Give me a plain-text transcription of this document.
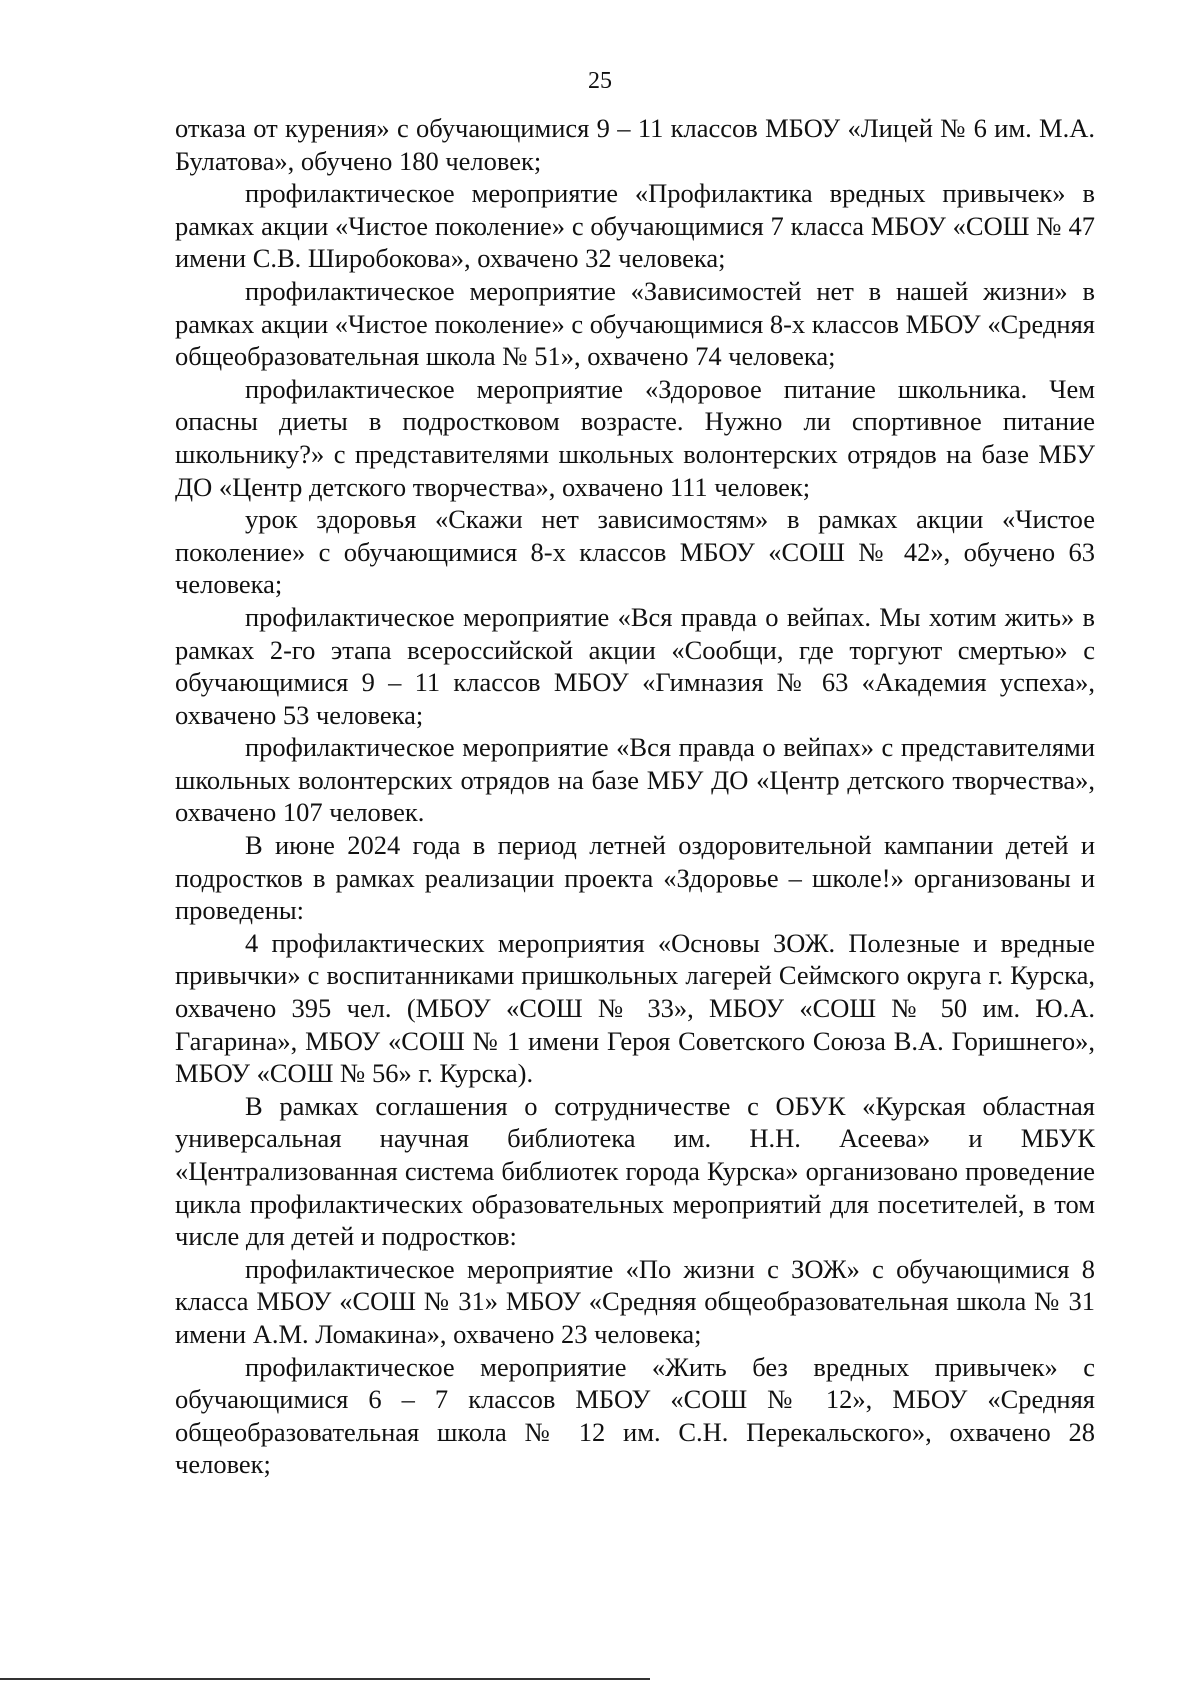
25

отказа от курения» с обучающимися 9 – 11 классов МБОУ «Лицей № 6 им. М.А. Булатова», обучено 180 человек;

профилактическое мероприятие «Профилактика вредных привычек» в рамках акции «Чистое поколение» с обучающимися 7 класса МБОУ «СОШ № 47 имени С.В. Широбокова», охвачено 32 человека;

профилактическое мероприятие «Зависимостей нет в нашей жизни» в рамках акции «Чистое поколение» с обучающимися 8-х классов МБОУ «Средняя общеобразовательная школа № 51», охвачено 74 человека;

профилактическое мероприятие «Здоровое питание школьника. Чем опасны диеты в подростковом возрасте. Нужно ли спортивное питание школьнику?» с представителями школьных волонтерских отрядов на базе МБУ ДО «Центр детского творчества», охвачено 111 человек;

урок здоровья «Скажи нет зависимостям» в рамках акции «Чистое поколение» с обучающимися 8-х классов МБОУ «СОШ № 42», обучено 63 человека;

профилактическое мероприятие «Вся правда о вейпах. Мы хотим жить» в рамках 2-го этапа всероссийской акции «Сообщи, где торгуют смертью» с обучающимися 9 – 11 классов МБОУ «Гимназия № 63 «Академия успеха», охвачено 53 человека;

профилактическое мероприятие «Вся правда о вейпах» с представителями школьных волонтерских отрядов на базе МБУ ДО «Центр детского творчества», охвачено 107 человек.

В июне 2024 года в период летней оздоровительной кампании детей и подростков в рамках реализации проекта «Здоровье – школе!» организованы и проведены:

4 профилактических мероприятия «Основы ЗОЖ. Полезные и вредные привычки» с воспитанниками пришкольных лагерей Сеймского округа г. Курска, охвачено 395 чел. (МБОУ «СОШ № 33», МБОУ «СОШ № 50 им. Ю.А. Гагарина», МБОУ «СОШ № 1 имени Героя Советского Союза В.А. Горишнего», МБОУ «СОШ № 56» г. Курска).

В рамках соглашения о сотрудничестве с ОБУК «Курская областная универсальная научная библиотека им. Н.Н. Асеева» и МБУК «Централизованная система библиотек города Курска» организовано проведение цикла профилактических образовательных мероприятий для посетителей, в том числе для детей и подростков:

профилактическое мероприятие «По жизни с ЗОЖ» с обучающимися 8 класса МБОУ «СОШ № 31» МБОУ «Средняя общеобразовательная школа № 31 имени А.М. Ломакина», охвачено 23 человека;

профилактическое мероприятие «Жить без вредных привычек» с обучающимися 6 – 7 классов МБОУ «СОШ № 12», МБОУ «Средняя общеобразовательная школа № 12 им. С.Н. Перекальского», охвачено 28 человек;
